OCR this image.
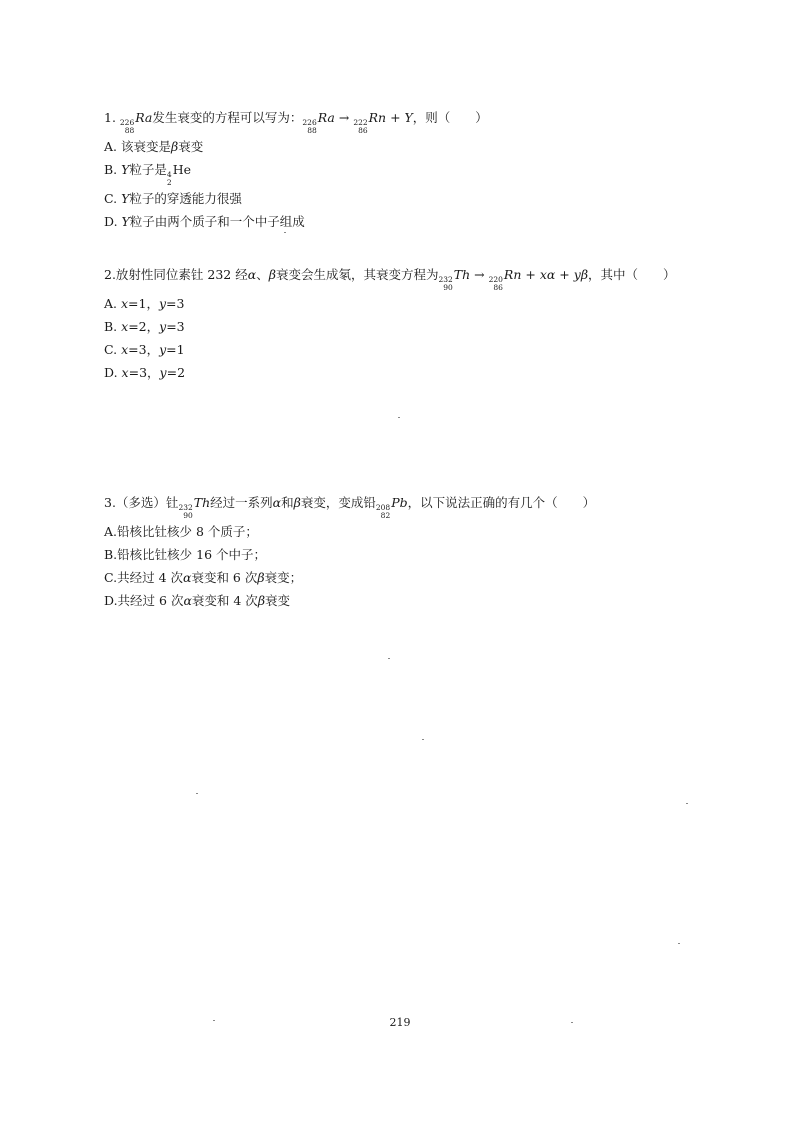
1. 226
88
Ra发生衰变的方程可以写为： 226
88
Ra → 222
86
Rn + Y，则（　　）
A. 该衰变是β衰变
B. Y粒子是 4
2
He
C. Y粒子的穿透能力很强
D. Y粒子由两个质子和一个中子组成
2.放射性同位素钍 232 经α、β衰变会生成氡，其衰变方程为 232
90
Th → 220
86
Rn + xα + yβ，其中（　　）
A. x=1，y=3
B. x=2，y=3
C. x=3，y=1
D. x=3，y=2
3.（多选）钍 232
90
Th经过一系列α和β衰变，变成铅 208
82
Pb，以下说法正确的有几个（　　）
A.铅核比钍核少 8 个质子；
B.铅核比钍核少 16 个中子；
C.共经过 4 次α衰变和 6 次β衰变；
D.共经过 6 次α衰变和 4 次β衰变
219
